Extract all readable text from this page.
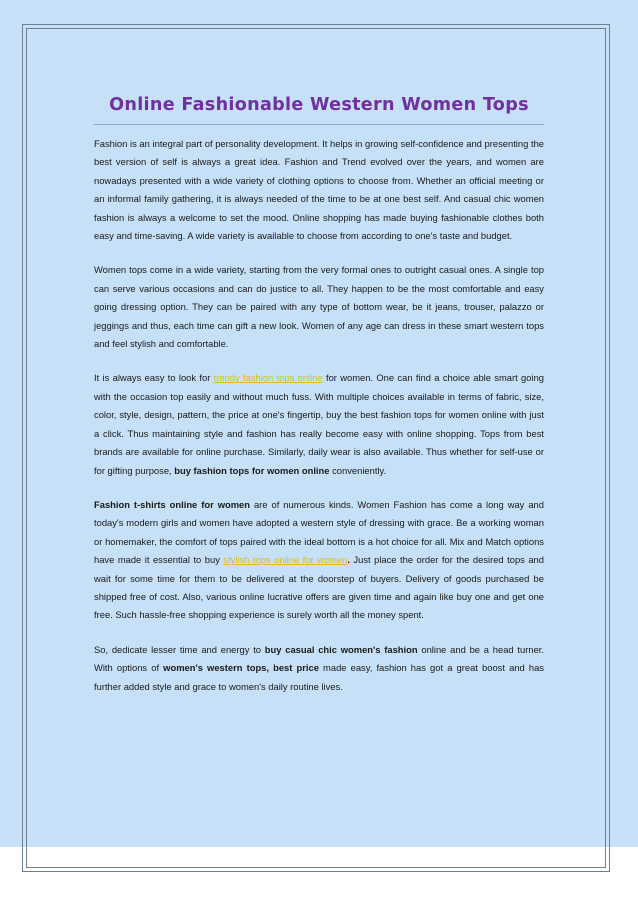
Online Fashionable Western Women Tops

Fashion is an integral part of personality development. It helps in growing self-confidence and presenting the best version of self is always a great idea. Fashion and Trend evolved over the years, and women are nowadays presented with a wide variety of clothing options to choose from. Whether an official meeting or an informal family gathering, it is always needed of the time to be at one best self. And casual chic women fashion is always a welcome to set the mood. Online shopping has made buying fashionable clothes both easy and time-saving. A wide variety is available to choose from according to one's taste and budget.

Women tops come in a wide variety, starting from the very formal ones to outright casual ones. A single top can serve various occasions and can do justice to all. They happen to be the most comfortable and easy going dressing option. They can be paired with any type of bottom wear, be it jeans, trouser, palazzo or jeggings and thus, each time can gift a new look. Women of any age can dress in these smart western tops and feel stylish and comfortable.

It is always easy to look for trendy fashion tops online for women. One can find a choice able smart going with the occasion top easily and without much fuss. With multiple choices available in terms of fabric, size, color, style, design, pattern, the price at one's fingertip, buy the best fashion tops for women online with just a click. Thus maintaining style and fashion has really become easy with online shopping. Tops from best brands are available for online purchase. Similarly, daily wear is also available. Thus whether for self-use or for gifting purpose, buy fashion tops for women online conveniently.

Fashion t-shirts online for women are of numerous kinds. Women Fashion has come a long way and today's modern girls and women have adopted a western style of dressing with grace. Be a working woman or homemaker, the comfort of tops paired with the ideal bottom is a hot choice for all. Mix and Match options have made it essential to buy stylish tops online for women. Just place the order for the desired tops and wait for some time for them to be delivered at the doorstep of buyers. Delivery of goods purchased be shipped free of cost. Also, various online lucrative offers are given time and again like buy one and get one free. Such hassle-free shopping experience is surely worth all the money spent.

So, dedicate lesser time and energy to buy casual chic women's fashion online and be a head turner. With options of women's western tops, best price made easy, fashion has got a great boost and has further added style and grace to women's daily routine lives.
